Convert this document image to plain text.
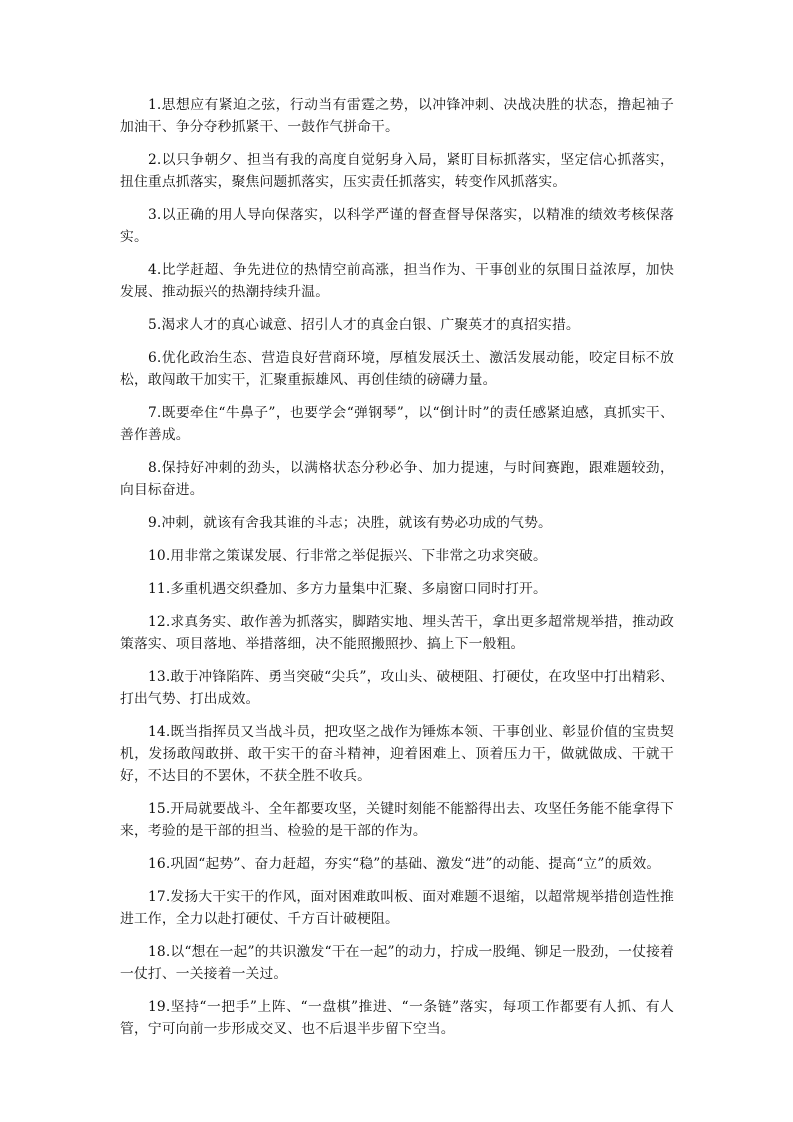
1.思想应有紧迫之弦，行动当有雷霆之势，以冲锋冲刺、决战决胜的状态，撸起袖子加油干、争分夺秒抓紧干、一鼓作气拼命干。

2.以只争朝夕、担当有我的高度自觉躬身入局，紧盯目标抓落实，坚定信心抓落实，扭住重点抓落实，聚焦问题抓落实，压实责任抓落实，转变作风抓落实。

3.以正确的用人导向保落实，以科学严谨的督查督导保落实，以精准的绩效考核保落实。

4.比学赶超、争先进位的热情空前高涨，担当作为、干事创业的氛围日益浓厚，加快发展、推动振兴的热潮持续升温。

5.渴求人才的真心诚意、招引人才的真金白银、广聚英才的真招实措。

6.优化政治生态、营造良好营商环境，厚植发展沃土、激活发展动能，咬定目标不放松，敢闯敢干加实干，汇聚重振雄风、再创佳绩的磅礴力量。

7.既要牵住“牛鼻子”，也要学会“弹钢琴”，以“倒计时”的责任感紧迫感，真抓实干、善作善成。

8.保持好冲刺的劲头，以满格状态分秒必争、加力提速，与时间赛跑，跟难题较劲，向目标奋进。

9.冲刺，就该有舍我其谁的斗志；决胜，就该有势必功成的气势。

10.用非常之策谋发展、行非常之举促振兴、下非常之功求突破。

11.多重机遇交织叠加、多方力量集中汇聚、多扇窗口同时打开。

12.求真务实、敢作善为抓落实，脚踏实地、埋头苦干，拿出更多超常规举措，推动政策落实、项目落地、举措落细，决不能照搬照抄、搞上下一般粗。

13.敢于冲锋陷阵、勇当突破“尖兵”，攻山头、破梗阻、打硬仗，在攻坚中打出精彩、打出气势、打出成效。

14.既当指挥员又当战斗员，把攻坚之战作为锤炼本领、干事创业、彰显价值的宝贵契机，发扬敢闯敢拼、敢干实干的奋斗精神，迎着困难上、顶着压力干，做就做成、干就干好，不达目的不罢休，不获全胜不收兵。

15.开局就要战斗、全年都要攻坚，关键时刻能不能豁得出去、攻坚任务能不能拿得下来，考验的是干部的担当、检验的是干部的作为。

16.巩固“起势”、奋力赶超，夯实“稳”的基础、激发“进”的动能、提高“立”的质效。

17.发扬大干实干的作风，面对困难敢叫板、面对难题不退缩，以超常规举措创造性推进工作，全力以赴打硬仗、千方百计破梗阻。

18.以“想在一起”的共识激发“干在一起”的动力，拧成一股绳、铆足一股劲，一仗接着一仗打、一关接着一关过。

19.坚持“一把手”上阵、“一盘棋”推进、“一条链”落实，每项工作都要有人抓、有人管，宁可向前一步形成交叉、也不后退半步留下空当。
